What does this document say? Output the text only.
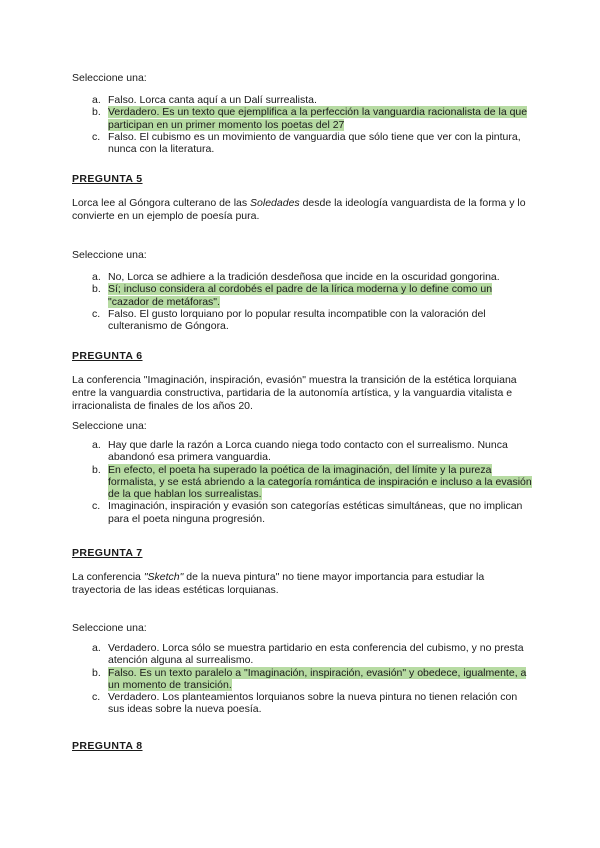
Seleccione una:

a. Falso. Lorca canta aquí a un Dalí surrealista.
b. Verdadero. Es un texto que ejemplifica a la perfección la vanguardia racionalista de la que participan en un primer momento los poetas del 27
c. Falso. El cubismo es un movimiento de vanguardia que sólo tiene que ver con la pintura, nunca con la literatura.

PREGUNTA 5

Lorca lee al Góngora culterano de las Soledades desde la ideología vanguardista de la forma y lo convierte en un ejemplo de poesía pura.

Seleccione una:

a. No, Lorca se adhiere a la tradición desdeñosa que incide en la oscuridad gongorina.
b. Sí; incluso considera al cordobés el padre de la lírica moderna y lo define como un "cazador de metáforas".
c. Falso. El gusto lorquiano por lo popular resulta incompatible con la valoración del culteranismo de Góngora.

PREGUNTA 6

La conferencia "Imaginación, inspiración, evasión" muestra la transición de la estética lorquiana entre la vanguardia constructiva, partidaria de la autonomía artística, y la vanguardia vitalista e irracionalista de finales de los años 20.

Seleccione una:

a. Hay que darle la razón a Lorca cuando niega todo contacto con el surrealismo. Nunca abandonó esa primera vanguardia.
b. En efecto, el poeta ha superado la poética de la imaginación, del límite y la pureza formalista, y se está abriendo a la categoría romántica de inspiración e incluso a la evasión de la que hablan los surrealistas.
c. Imaginación, inspiración y evasión son categorías estéticas simultáneas, que no implican para el poeta ninguna progresión.

PREGUNTA 7

La conferencia "Sketch" de la nueva pintura" no tiene mayor importancia para estudiar la trayectoria de las ideas estéticas lorquianas.

Seleccione una:

a. Verdadero. Lorca sólo se muestra partidario en esta conferencia del cubismo, y no presta atención alguna al surrealismo.
b. Falso. Es un texto paralelo a "Imaginación, inspiración, evasión" y obedece, igualmente, a un momento de transición.
c. Verdadero. Los planteamientos lorquianos sobre la nueva pintura no tienen relación con sus ideas sobre la nueva poesía.

PREGUNTA 8
